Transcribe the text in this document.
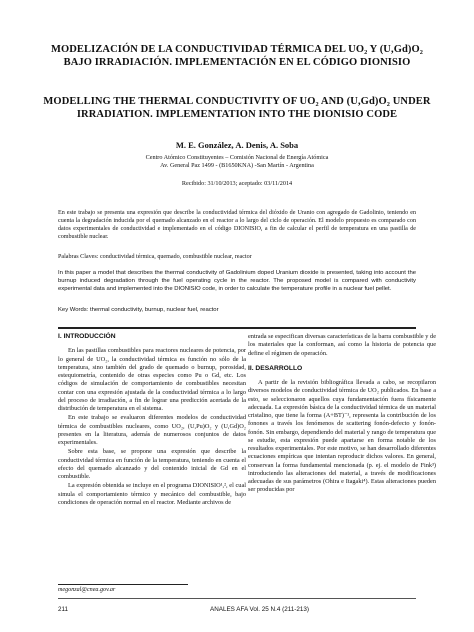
MODELIZACIÓN DE LA CONDUCTIVIDAD TÉRMICA DEL UO₂ Y (U,Gd)O₂ BAJO IRRADIACIÓN. IMPLEMENTACIÓN EN EL CÓDIGO DIONISIO
MODELLING THE THERMAL CONDUCTIVITY OF UO₂ AND (U,Gd)O₂ UNDER IRRADIATION. IMPLEMENTATION INTO THE DIONISIO CODE
M. E. González, A. Denis, A. Soba
Centro Atómico Constituyentes – Comisión Nacional de Energía Atómica
Av. General Paz 1499 - (B1650KNA) -San Martín - Argentina
Recibido: 31/10/2013; aceptado: 03/11/2014
En este trabajo se presenta una expresión que describe la conductividad térmica del dióxido de Uranio con agregado de Gadolinio, teniendo en cuenta la degradación inducida por el quemado alcanzado en el reactor a lo largo del ciclo de operación. El modelo propuesto es comparado con datos experimentales de conductividad e implementado en el código DIONISIO, a fin de calcular el perfil de temperatura en una pastilla de combustible nuclear.
Palabras Claves: conductividad térmica, quemado, combustible nuclear, reactor
In this paper a model that describes the thermal conductivity of Gadolinium doped Uranium dioxide is presented, taking into account the burnup induced degradation through the fuel operating cycle in the reactor. The proposed model is compared with conductivity experimental data and implemented into the DIONISIO code, in order to calculate the temperature profile in a nuclear fuel pellet.
Key Words: thermal conductivity, burnup, nuclear fuel, reactor
I. INTRODUCCIÓN

En las pastillas combustibles para reactores nucleares de potencia, por lo general de UO₂, la conductividad térmica es función no sólo de la temperatura, sino también del grado de quemado o burnup, porosidad, estequiometría, contenido de otras especies como Pu o Gd, etc. Los códigos de simulación de comportamiento de combustibles necesitan contar con una expresión ajustada de la conductividad térmica a lo largo del proceso de irradiación, a fin de lograr una predicción acertada de la distribución de temperatura en el sistema.

En este trabajo se evaluaron diferentes modelos de conductividad térmica de combustibles nucleares, como UO₂, (U,Pu)O₂ y (U,Gd)O₂ presentes en la literatura, además de numerosos conjuntos de datos experimentales.

Sobre esta base, se propone una expresión que describe la conductividad térmica en función de la temperatura, teniendo en cuenta el efecto del quemado alcanzado y del contenido inicial de Gd en el combustible.

La expresión obtenida se incluye en el programa DIONISIO¹,², el cual simula el comportamiento térmico y mecánico del combustible, bajo condiciones de operación normal en el reactor. Mediante archivos de

entrada se especifican diversas características de la barra combustible y de los materiales que la conforman, así como la historia de potencia que define el régimen de operación.

II. DESARROLLO

A partir de la revisión bibliográfica llevada a cabo, se recopilaron diversos modelos de conductividad térmica de UO₂ publicados. En base a esto, se seleccionaron aquellos cuya fundamentación fuera físicamente adecuada. La expresión básica de la conductividad térmica de un material cristalino, que tiene la forma (A+BT)⁻¹, representa la contribución de los fonones a través los fenómenos de scattering fonón-defecto y fonón-fonón. Sin embargo, dependiendo del material y rango de temperatura que se estudie, esta expresión puede apartarse en forma notable de los resultados experimentales. Por este motivo, se han desarrollado diferentes ecuaciones empíricas que intentan reproducir dichos valores. En general, conservan la forma fundamental mencionada (p. ej. el modelo de Fink³) introduciendo las alteraciones del material, a través de modificaciones adecuadas de sus parámetros (Ohira e Itagaki⁴). Estas alteraciones pueden ser producidas por

megonzal@cnea.gov.ar
211	ANALES AFA Vol. 25 N.4 (211-213)
